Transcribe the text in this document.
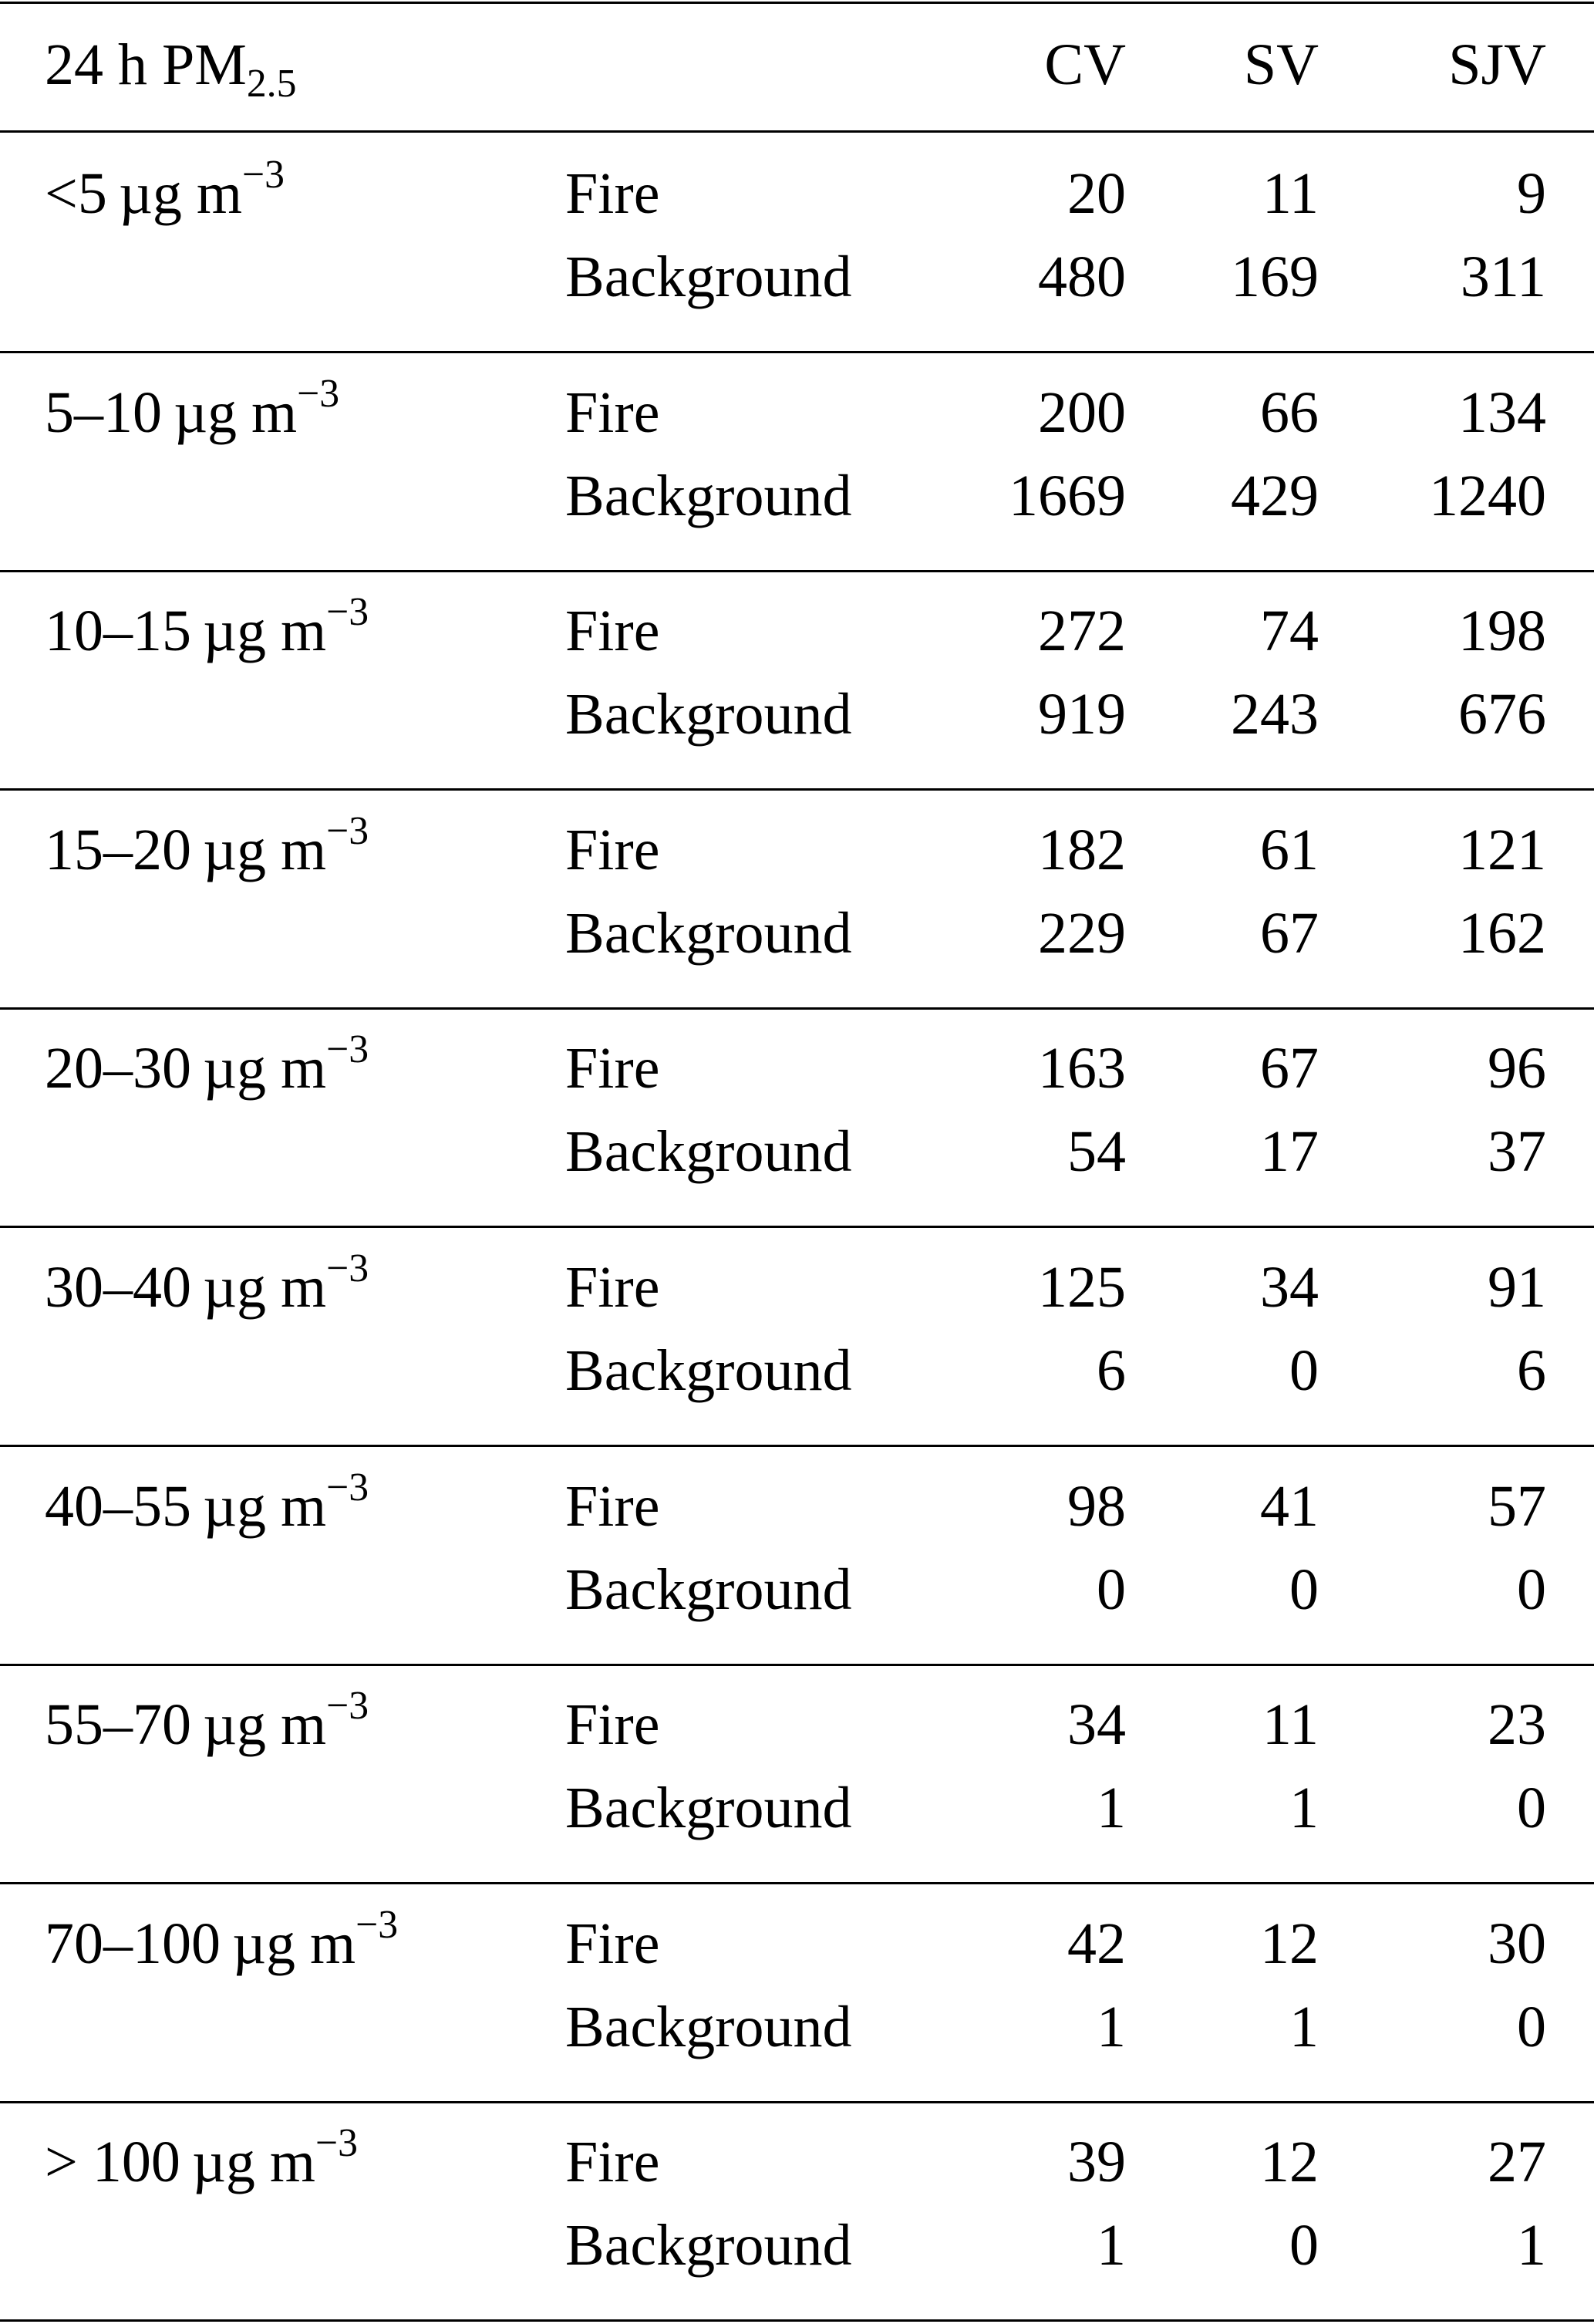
24 h $PM_{2.5}$	CV	SV	SJV
<5  µg $m^{-3}$	Fire	20	11	9
Background	480	169	311
5–10  µg $m^{-3}$	Fire	200	66	134
Background	1669	429	1240
10–15  µg $m^{-3}$	Fire	272	74	198
Background	919	243	676
15–20  µg $m^{-3}$	Fire	182	61	121
Background	229	67	162
20–30  µg $m^{-3}$	Fire	163	67	96
Background	54	17	37
30–40  µg $m^{-3}$	Fire	125	34	91
Background	6	0	6
40–55  µg $m^{-3}$	Fire	98	41	57
Background	0	0	0
55–70  µg $m^{-3}$	Fire	34	11	23
Background	1	1	0
70–100  µg $m^{-3}$	Fire	42	12	30
Background	1	1	0
> 100  µg $m^{-3}$	Fire	39	12	27
Background	1	0	1
